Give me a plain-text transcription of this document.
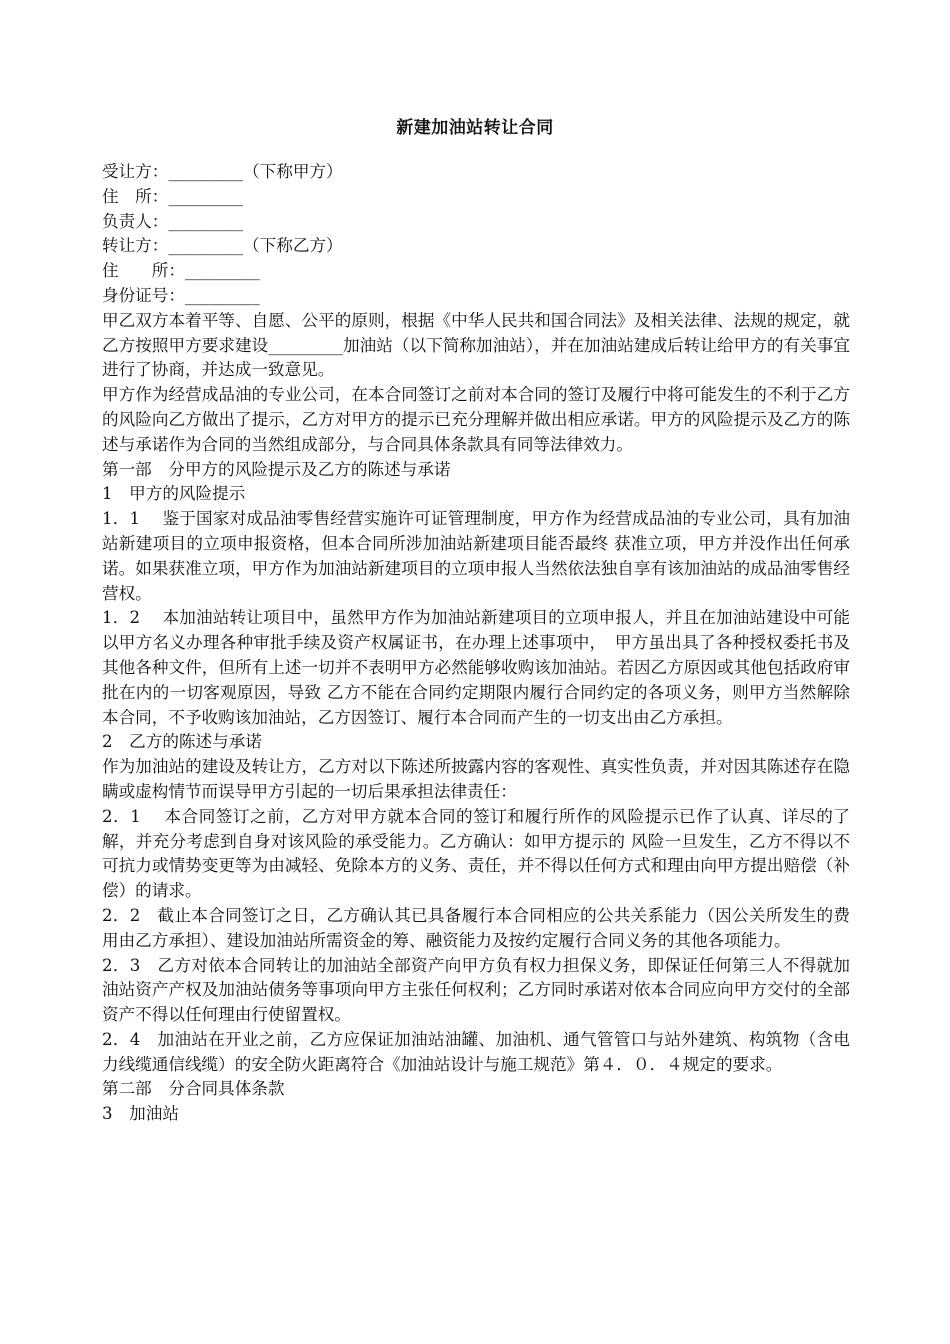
新建加油站转让合同

受让方：_________（下称甲方）

住　所：_________

负责人：_________

转让方：_________（下称乙方）

住　　所：_________

身份证号：_________

甲乙双方本着平等、自愿、公平的原则，根据《中华人民共和国合同法》及相关法律、法规的规定，就乙方按照甲方要求建设_________加油站（以下简称加油站），并在加油站建成后转让给甲方的有关事宜进行了协商，并达成一致意见。

甲方作为经营成品油的专业公司，在本合同签订之前对本合同的签订及履行中将可能发生的不利于乙方的风险向乙方做出了提示，乙方对甲方的提示已充分理解并做出相应承诺。甲方的风险提示及乙方的陈述与承诺作为合同的当然组成部分，与合同具体条款具有同等法律效力。

第一部　分甲方的风险提示及乙方的陈述与承诺

1　甲方的风险提示

1．1　 鉴于国家对成品油零售经营实施许可证管理制度，甲方作为经营成品油的专业公司，具有加油站新建项目的立项申报资格，但本合同所涉加油站新建项目能否最终 获准立项，甲方并没作出任何承诺。如果获准立项，甲方作为加油站新建项目的立项申报人当然依法独自享有该加油站的成品油零售经营权。

1．2　 本加油站转让项目中，虽然甲方作为加油站新建项目的立项申报人，并且在加油站建设中可能以甲方名义办理各种审批手续及资产权属证书，在办理上述事项中，　甲方虽出具了各种授权委托书及其他各种文件，但所有上述一切并不表明甲方必然能够收购该加油站。若因乙方原因或其他包括政府审批在内的一切客观原因，导致 乙方不能在合同约定期限内履行合同约定的各项义务，则甲方当然解除本合同，不予收购该加油站，乙方因签订、履行本合同而产生的一切支出由乙方承担。

2　乙方的陈述与承诺

作为加油站的建设及转让方，乙方对以下陈述所披露内容的客观性、真实性负责，并对因其陈述存在隐瞒或虚构情节而误导甲方引起的一切后果承担法律责任：

2．1　 本合同签订之前，乙方对甲方就本合同的签订和履行所作的风险提示已作了认真、详尽的了解，并充分考虑到自身对该风险的承受能力。乙方确认：如甲方提示的 风险一旦发生，乙方不得以不可抗力或情势变更等为由减轻、免除本方的义务、责任，并不得以任何方式和理由向甲方提出赔偿（补偿）的请求。

2．2　截止本合同签订之日，乙方确认其已具备履行本合同相应的公共关系能力（因公关所发生的费用由乙方承担）、建设加油站所需资金的筹、融资能力及按约定履行合同义务的其他各项能力。

2．3　乙方对依本合同转让的加油站全部资产向甲方负有权力担保义务，即保证任何第三人不得就加油站资产产权及加油站债务等事项向甲方主张任何权利；乙方同时承诺对依本合同应向甲方交付的全部资产不得以任何理由行使留置权。

2．4　加油站在开业之前，乙方应保证加油站油罐、加油机、通气管管口与站外建筑、构筑物（含电力线缆通信线缆）的安全防火距离符合《加油站设计与施工规范》第４．０．４规定的要求。

第二部　分合同具体条款

3　加油站
